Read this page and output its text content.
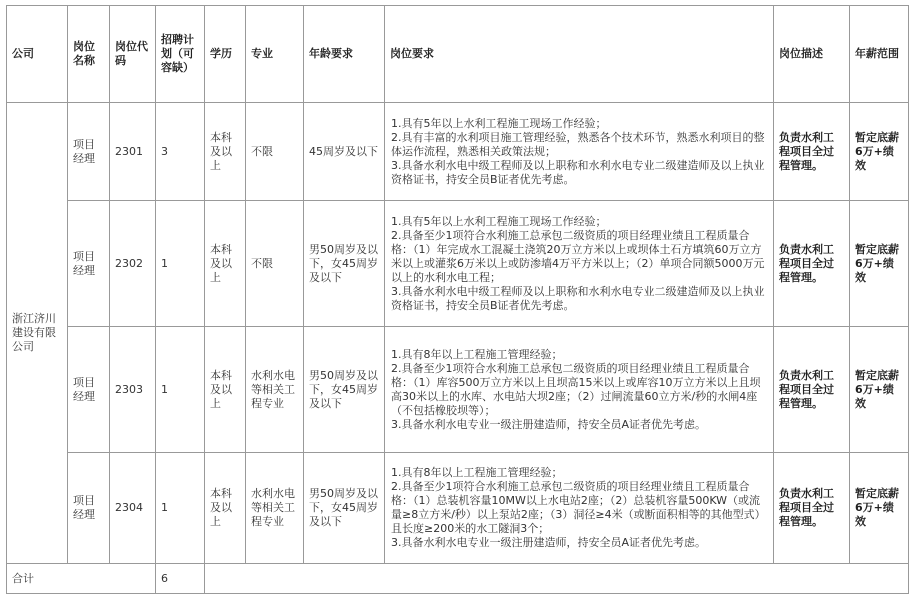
公司	岗位名称	岗位代码	招聘计划（可容缺）	学历	专业	年龄要求	岗位要求	岗位描述	年薪范围
浙江济川建设有限公司	项目经理	2301	3	本科及以上	不限	45周岁及以下	1.具有5年以上水利工程施工现场工作经验；
2.具有丰富的水利项目施工管理经验，熟悉各个技术环节，熟悉水利项目的整体运作流程，熟悉相关政策法规；
3.具备水利水电中级工程师及以上职称和水利水电专业二级建造师及以上执业资格证书，持安全员B证者优先考虑。	负责水利工程项目全过程管理。	暂定底薪6万+绩效
	项目经理	2302	1	本科及以上	不限	男50周岁及以下，女45周岁及以下	1.具有5年以上水利工程施工现场工作经验；
2.具备至少1项符合水利施工总承包二级资质的项目经理业绩且工程质量合格：（1）年完成水工混凝土浇筑20万立方米以上或坝体土石方填筑60万立方米以上或灌浆6万米以上或防渗墙4万平方米以上；（2）单项合同额5000万元以上的水利水电工程；
3.具备水利水电中级工程师及以上职称和水利水电专业二级建造师及以上执业资格证书，持安全员B证者优先考虑。	负责水利工程项目全过程管理。	暂定底薪6万+绩效
	项目经理	2303	1	本科及以上	水利水电等相关工程专业	男50周岁及以下，女45周岁及以下	1.具有8年以上工程施工管理经验；
2.具备至少1项符合水利施工总承包二级资质的项目经理业绩且工程质量合格：（1）库容500万立方米以上且坝高15米以上或库容10万立方米以上且坝高30米以上的水库、水电站大坝2座；（2）过闸流量60立方米/秒的水闸4座（不包括橡胶坝等）；
3.具备水利水电专业一级注册建造师，持安全员A证者优先考虑。	负责水利工程项目全过程管理。	暂定底薪6万+绩效
	项目经理	2304	1	本科及以上	水利水电等相关工程专业	男50周岁及以下，女45周岁及以下	1.具有8年以上工程施工管理经验；
2.具备至少1项符合水利施工总承包二级资质的项目经理业绩且工程质量合格：（1）总装机容量10MW以上水电站2座；（2）总装机容量500KW（或流量≥8立方米/秒）以上泵站2座；（3）洞径≥4米（或断面积相等的其他型式）且长度≥200米的水工隧洞3个；
3.具备水利水电专业一级注册建造师，持安全员A证者优先考虑。	负责水利工程项目全过程管理。	暂定底薪6万+绩效
合计			6						
